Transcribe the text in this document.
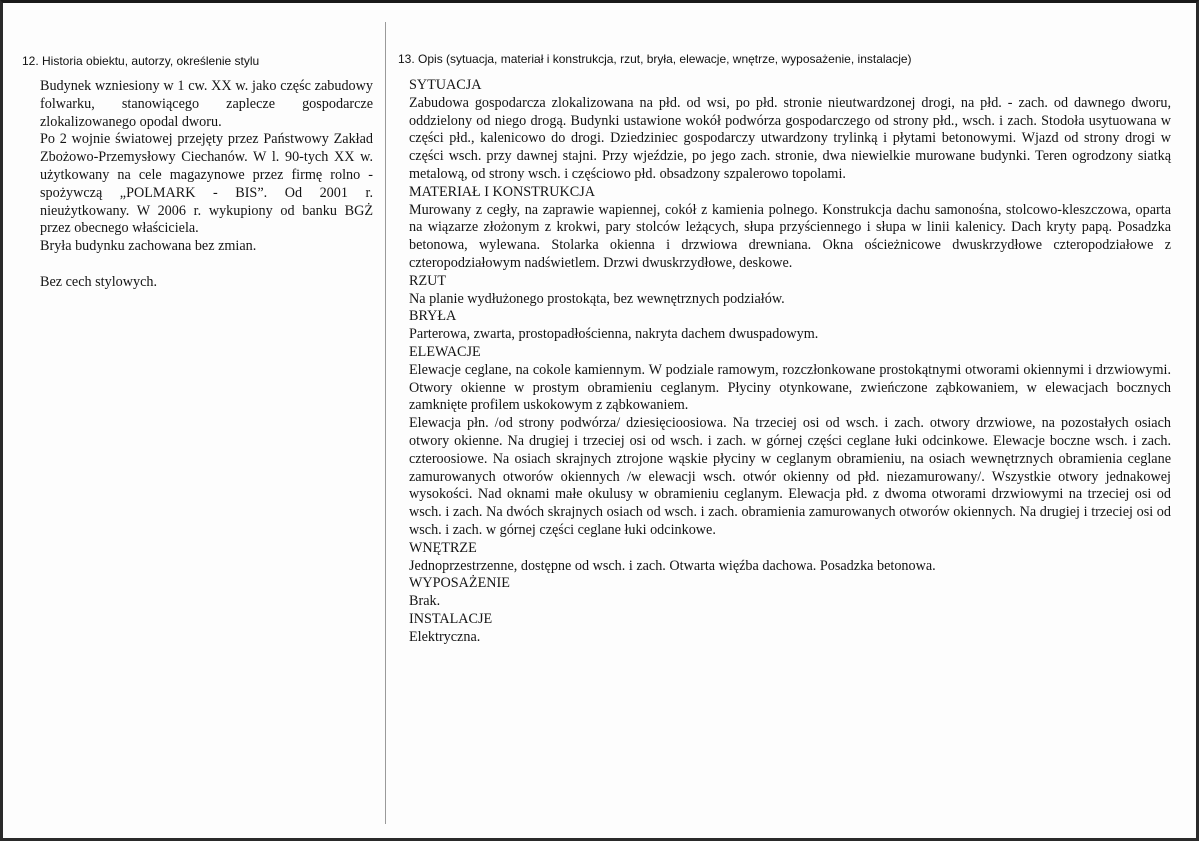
12. Historia obiektu, autorzy, określenie stylu

Budynek wzniesiony w 1 cw. XX w. jako częśc zabudowy folwarku, stanowiącego zaplecze gospodarcze zlokalizowanego opodal dworu.

Po 2 wojnie światowej przejęty przez Państwowy Zakład Zbożowo-Przemysłowy Ciechanów. W l. 90-tych XX w. użytkowany na cele magazynowe przez firmę rolno - spożywczą „POLMARK - BIS”. Od 2001 r. nieużytkowany. W 2006 r. wykupiony od banku BGŻ przez obecnego właściciela.

Bryła budynku zachowana bez zmian.

Bez cech stylowych.

13. Opis (sytuacja, materiał i konstrukcja, rzut, bryła, elewacje, wnętrze, wyposażenie, instalacje)

SYTUACJA

Zabudowa gospodarcza zlokalizowana na płd. od wsi, po płd. stronie nieutwardzonej drogi, na płd. - zach. od dawnego dworu, oddzielony od niego drogą. Budynki ustawione wokół podwórza gospodarczego od strony płd., wsch. i zach. Stodoła usytuowana w części płd., kalenicowo do drogi. Dziedziniec gospodarczy utwardzony trylinką i płytami betonowymi. Wjazd od strony drogi w części wsch. przy dawnej stajni. Przy wjeździe, po jego zach. stronie, dwa niewielkie murowane budynki. Teren ogrodzony siatką metalową, od strony wsch. i częściowo płd. obsadzony szpalerowo topolami.

MATERIAŁ I KONSTRUKCJA

Murowany z cegły, na zaprawie wapiennej, cokół z kamienia polnego. Konstrukcja dachu samonośna, stolcowo-kleszczowa, oparta na wiązarze złożonym z krokwi, pary stolców leżących, słupa przyściennego i słupa w linii kalenicy. Dach kryty papą. Posadzka betonowa, wylewana. Stolarka okienna i drzwiowa drewniana. Okna ościeżnicowe dwuskrzydłowe czteropodziałowe z czteropodziałowym nadświetlem. Drzwi dwuskrzydłowe, deskowe.

RZUT

Na planie wydłużonego prostokąta, bez wewnętrznych podziałów.

BRYŁA

Parterowa, zwarta, prostopadłościenna, nakryta dachem dwuspadowym.

ELEWACJE

Elewacje ceglane, na cokole kamiennym. W podziale ramowym, rozczłonkowane prostokątnymi otworami okiennymi i drzwiowymi. Otwory okienne w prostym obramieniu ceglanym. Płyciny otynkowane, zwieńczone ząbkowaniem, w elewacjach bocznych zamknięte profilem uskokowym z ząbkowaniem.

Elewacja płn. /od strony podwórza/ dziesięcioosiowa. Na trzeciej osi od wsch. i zach. otwory drzwiowe, na pozostałych osiach otwory okienne. Na drugiej i trzeciej osi od wsch. i zach. w górnej części ceglane łuki odcinkowe. Elewacje boczne wsch. i zach. czteroosiowe. Na osiach skrajnych ztrojone wąskie płyciny w ceglanym obramieniu, na osiach wewnętrznych obramienia ceglane zamurowanych otworów okiennych /w elewacji wsch. otwór okienny od płd. niezamurowany/. Wszystkie otwory jednakowej wysokości. Nad oknami małe okulusy w obramieniu ceglanym. Elewacja płd. z dwoma otworami drzwiowymi na trzeciej osi od wsch. i zach. Na dwóch skrajnych osiach od wsch. i zach. obramienia zamurowanych otworów okiennych. Na drugiej i trzeciej osi od wsch. i zach. w górnej części ceglane łuki odcinkowe.

WNĘTRZE

Jednoprzestrzenne, dostępne od wsch. i zach. Otwarta więźba dachowa. Posadzka betonowa.

WYPOSAŻENIE

Brak.

INSTALACJE

Elektryczna.
